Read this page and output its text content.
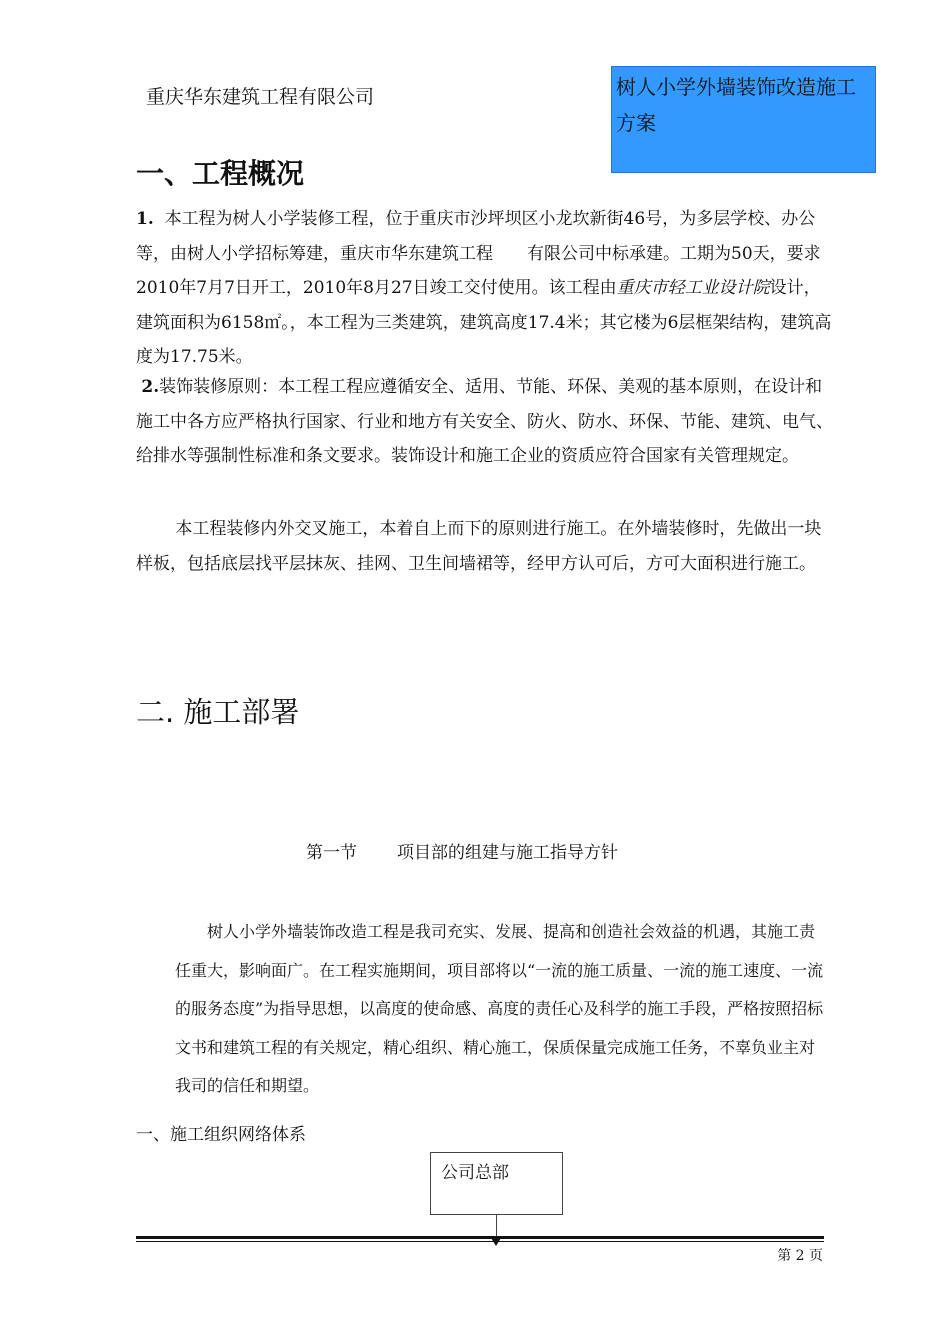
重庆华东建筑工程有限公司	树人小学外墙装饰改造施工方案
一、工程概况
1. 本工程为树人小学装修工程，位于重庆市沙坪坝区小龙坎新街46号，为多层学校、办公等，由树人小学招标筹建，重庆市华东建筑工程　　有限公司中标承建。工期为50天，要求2010年7月7日开工，2010年8月27日竣工交付使用。该工程由重庆市轻工业设计院设计，建筑面积为6158㎡。，本工程为三类建筑，建筑高度17.4米；其它楼为6层框架结构，建筑高度为17.75米。
2.装饰装修原则：本工程工程应遵循安全、适用、节能、环保、美观的基本原则，在设计和施工中各方应严格执行国家、行业和地方有关安全、防火、防水、环保、节能、建筑、电气、给排水等强制性标准和条文要求。装饰设计和施工企业的资质应符合国家有关管理规定。
   本工程装修内外交叉施工，本着自上而下的原则进行施工。在外墙装修时，先做出一块样板，包括底层找平层抹灰、挂网、卫生间墙裙等，经甲方认可后，方可大面积进行施工。
二. 施工部署
第一节 项目部的组建与施工指导方针
  树人小学外墙装饰改造工程是我司充实、发展、提高和创造社会效益的机遇，其施工责任重大，影响面广。在工程实施期间，项目部将以“一流的施工质量、一流的施工速度、一流的服务态度”为指导思想，以高度的使命感、高度的责任心及科学的施工手段，严格按照招标文书和建筑工程的有关规定，精心组织、精心施工，保质保量完成施工任务，不辜负业主对我司的信任和期望。
一、施工组织网络体系
公司总部
第 2 页
